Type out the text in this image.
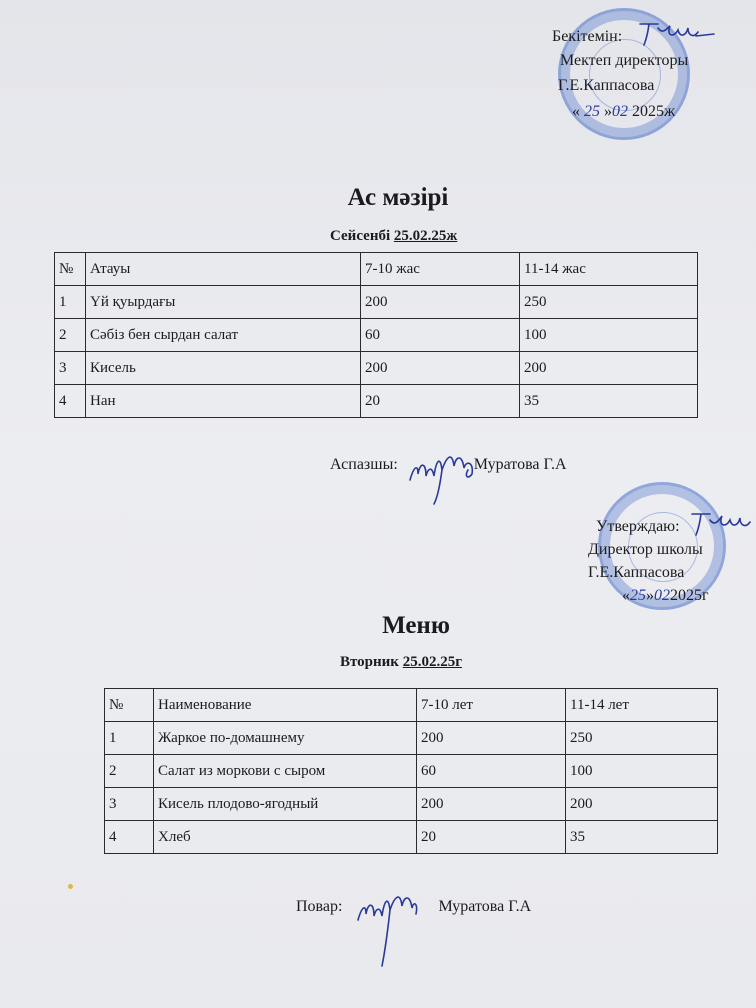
Бекітемін:
Мектеп директоры
Г.Е.Каппасова
« 25 »02 2025ж
Ас мәзірі
Сейсенбі 25.02.25ж
№	Атауы	7-10 жас	11-14 жас
1	Үй қуырдағы	200	250
2	Сәбіз бен сырдан салат	60	100
3	Кисель	200	200
4	Нан	20	35
Аспазшы:	Муратова Г.А
Утверждаю:
Директор школы
Г.Е.Каппасова
«25»022025г
Меню
Вторник 25.02.25г
№	Наименование	7-10 лет	11-14 лет
1	Жаркое по-домашнему	200	250
2	Салат из моркови с сыром	60	100
3	Кисель плодово-ягодный	200	200
4	Хлеб	20	35
Повар:	Муратова Г.А
